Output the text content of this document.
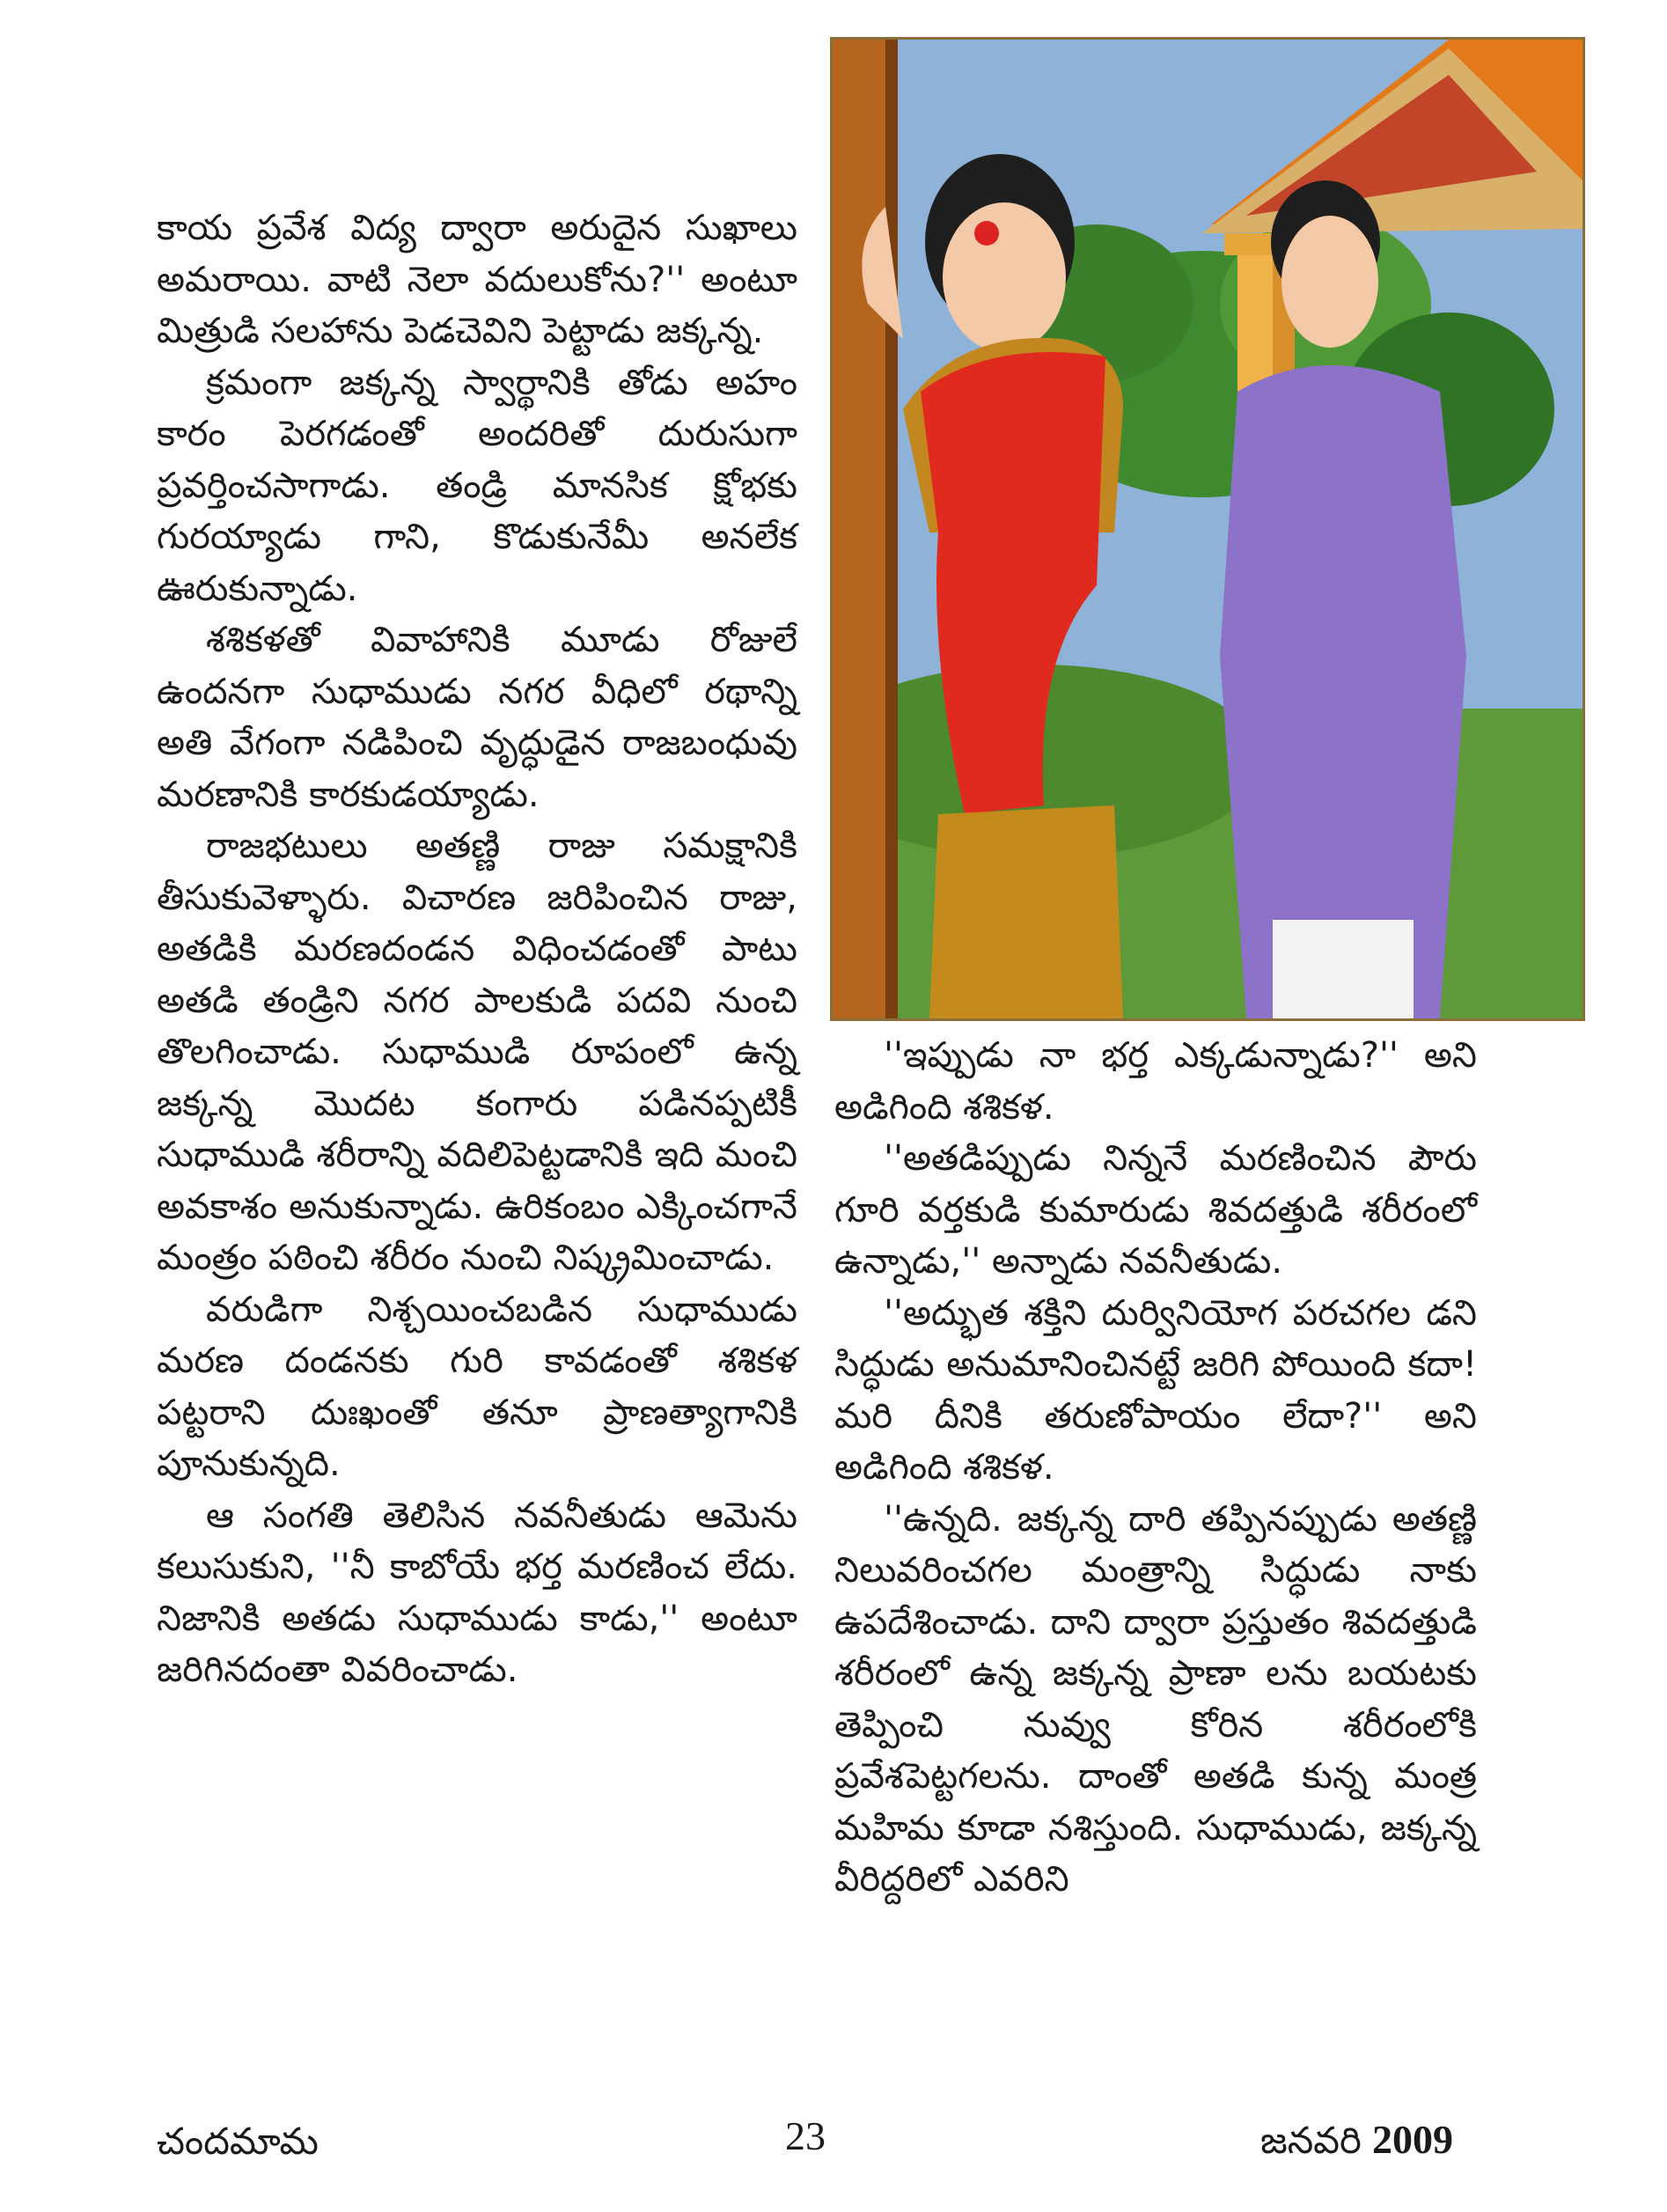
కాయ ప్రవేశ విద్య ద్వారా అరుదైన సుఖాలు అమరాయి. వాటి నెలా వదులుకోను?'' అంటూ మిత్రుడి సలహాను పెడచెవిని పెట్టాడు జక్కన్న.

క్రమంగా జక్కన్న స్వార్థానికి తోడు అహం కారం పెరగడంతో అందరితో దురుసుగా ప్రవర్తించసాగాడు. తండ్రి మానసిక క్షోభకు గురయ్యాడు గాని, కొడుకునేమీ అనలేక ఊరుకున్నాడు.

శశికళతో వివాహానికి మూడు రోజులే ఉందనగా సుధాముడు నగర వీధిలో రథాన్ని అతి వేగంగా నడిపించి వృద్ధుడైన రాజబంధువు మరణానికి కారకుడయ్యాడు.

రాజభటులు అతణ్ణి రాజు సమక్షానికి తీసుకువెళ్ళారు. విచారణ జరిపించిన రాజు, అతడికి మరణదండన విధించడంతో పాటు అతడి తండ్రిని నగర పాలకుడి పదవి నుంచి తొలగించాడు. సుధాముడి రూపంలో ఉన్న జక్కన్న మొదట కంగారు పడినప్పటికీ సుధాముడి శరీరాన్ని వదిలిపెట్టడానికి ఇది మంచి అవకాశం అనుకున్నాడు. ఉరికంబం ఎక్కించగానే మంత్రం పఠించి శరీరం నుంచి నిష్క్రమించాడు.

వరుడిగా నిశ్చయించబడిన సుధాముడు మరణ దండనకు గురి కావడంతో శశికళ పట్టరాని దుఃఖంతో తనూ ప్రాణత్యాగానికి పూనుకున్నది.

ఆ సంగతి తెలిసిన నవనీతుడు ఆమెను కలుసుకుని, ''నీ కాబోయే భర్త మరణించ లేదు. నిజానికి అతడు సుధాముడు కాడు,'' అంటూ జరిగినదంతా వివరించాడు.

''ఇప్పుడు నా భర్త ఎక్కడున్నాడు?'' అని అడిగింది శశికళ.

''అతడిప్పుడు నిన్ననే మరణించిన పౌరు గూరి వర్తకుడి కుమారుడు శివదత్తుడి శరీరంలో ఉన్నాడు,'' అన్నాడు నవనీతుడు.

''అద్భుత శక్తిని దుర్వినియోగ పరచగల డని సిద్ధుడు అనుమానించినట్టే జరిగి పోయింది కదా! మరి దీనికి తరుణోపాయం లేదా?'' అని అడిగింది శశికళ.

''ఉన్నది. జక్కన్న దారి తప్పినప్పుడు అతణ్ణి నిలువరించగల మంత్రాన్ని సిద్ధుడు నాకు ఉపదేశించాడు. దాని ద్వారా ప్రస్తుతం శివదత్తుడి శరీరంలో ఉన్న జక్కన్న ప్రాణా లను బయటకు తెప్పించి నువ్వు కోరిన శరీరంలోకి ప్రవేశపెట్టగలను. దాంతో అతడి కున్న మంత్ర మహిమ కూడా నశిస్తుంది. సుధాముడు, జక్కన్న వీరిద్దరిలో ఎవరిని

చందమామ	23	జనవరి 2009
